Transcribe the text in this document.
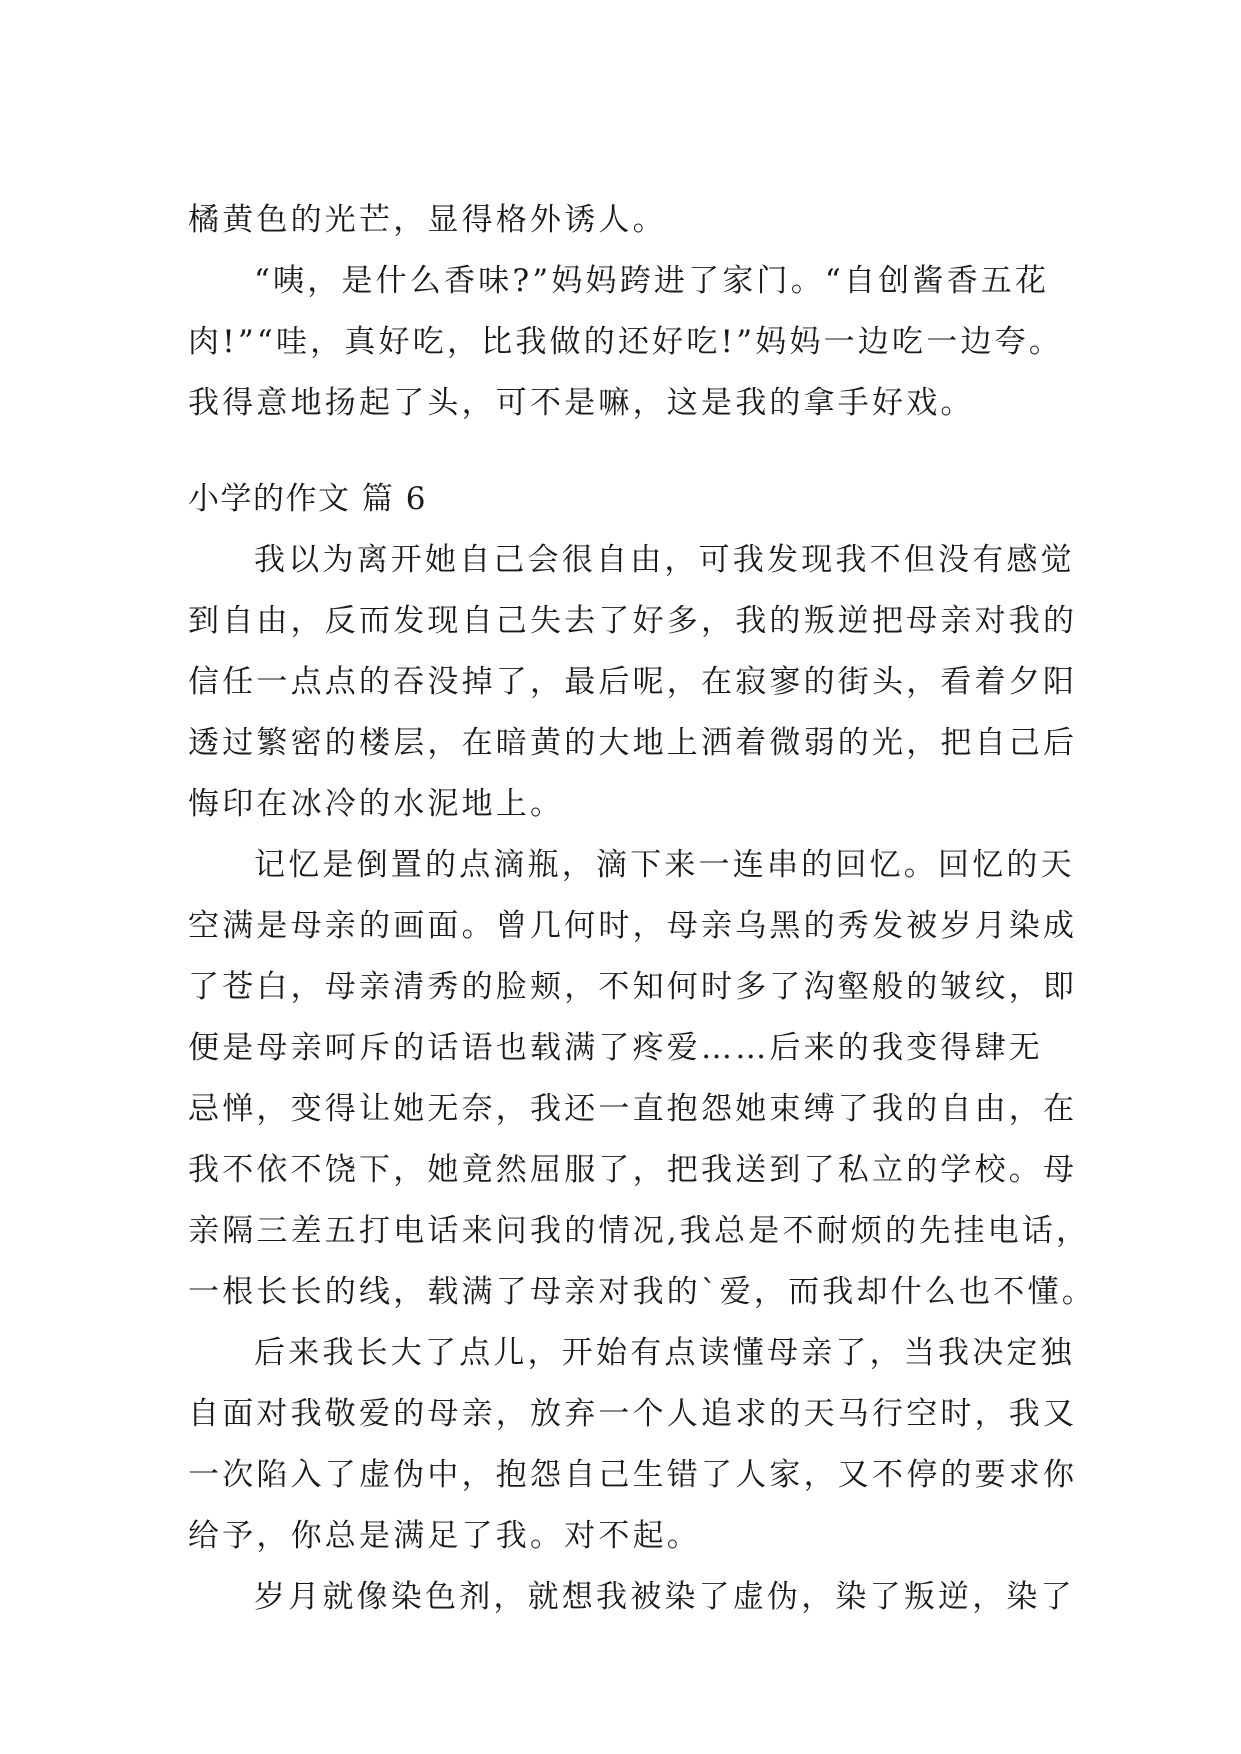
橘黄色的光芒，显得格外诱人。
“咦，是什么香味?”妈妈跨进了家门。“自创酱香五花
肉!”“哇，真好吃，比我做的还好吃!”妈妈一边吃一边夸。
我得意地扬起了头，可不是嘛，这是我的拿手好戏。
小学的作文 篇 6
我以为离开她自己会很自由，可我发现我不但没有感觉
到自由，反而发现自己失去了好多，我的叛逆把母亲对我的
信任一点点的吞没掉了，最后呢，在寂寥的街头，看着夕阳
透过繁密的楼层，在暗黄的大地上洒着微弱的光，把自己后
悔印在冰冷的水泥地上。
记忆是倒置的点滴瓶，滴下来一连串的回忆。回忆的天
空满是母亲的画面。曾几何时，母亲乌黑的秀发被岁月染成
了苍白，母亲清秀的脸颊，不知何时多了沟壑般的皱纹，即
便是母亲呵斥的话语也载满了疼爱……后来的我变得肆无
忌惮，变得让她无奈，我还一直抱怨她束缚了我的自由，在
我不依不饶下，她竟然屈服了，把我送到了私立的学校。母
亲隔三差五打电话来问我的情况,我总是不耐烦的先挂电话，
一根长长的线，载满了母亲对我的`爱，而我却什么也不懂。
后来我长大了点儿，开始有点读懂母亲了，当我决定独
自面对我敬爱的母亲，放弃一个人追求的天马行空时，我又
一次陷入了虚伪中，抱怨自己生错了人家，又不停的要求你
给予，你总是满足了我。对不起。
岁月就像染色剂，就想我被染了虚伪，染了叛逆，染了
